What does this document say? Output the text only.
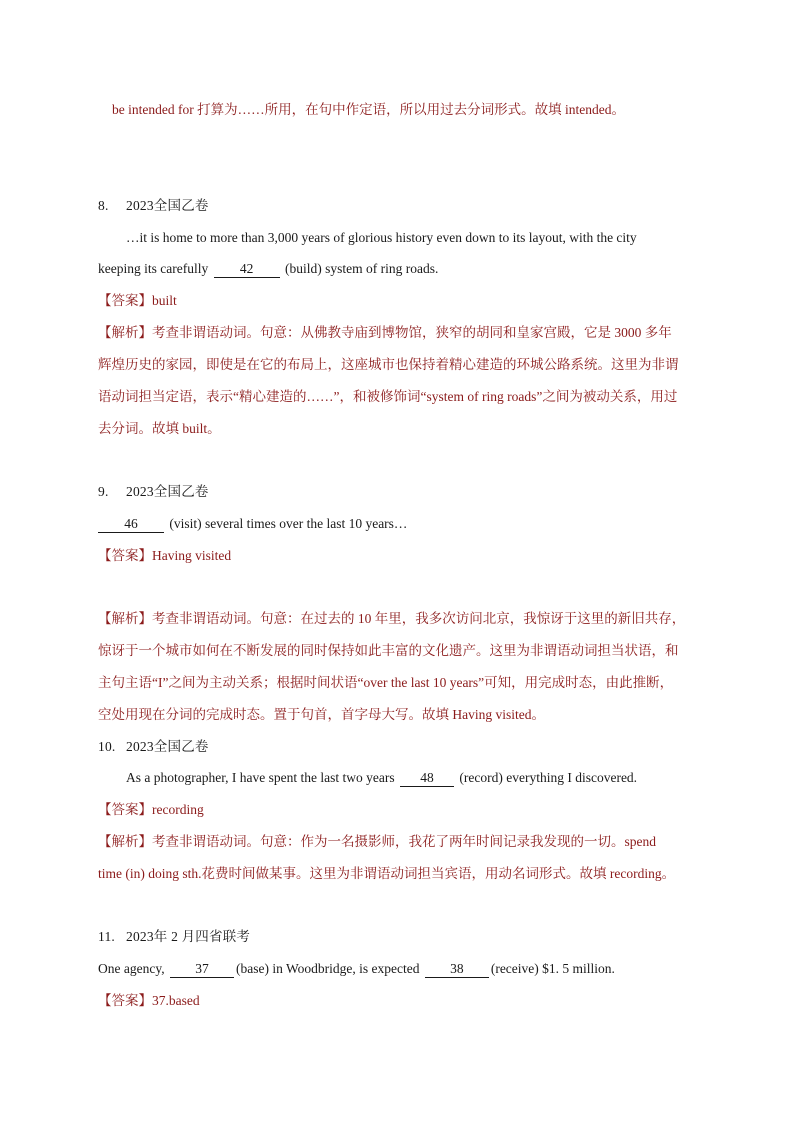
be intended for 打算为……所用，在句中作定语，所以用过去分词形式。故填 intended。
8. 2023全国乙卷
…it is home to more than 3,000 years of glorious history even down to its layout, with the city
keeping its carefully 42 (build) system of ring roads.
【答案】built
【解析】考查非谓语动词。句意：从佛教寺庙到博物馆，狭窄的胡同和皇家宫殿，它是 3000 多年
辉煌历史的家园，即使是在它的布局上，这座城市也保持着精心建造的环城公路系统。这里为非谓
语动词担当定语，表示“精心建造的……”，和被修饰词“system of ring roads”之间为被动关系，用过
去分词。故填 built。
9. 2023全国乙卷
46 (visit) several times over the last 10 years…
【答案】Having visited
【解析】考查非谓语动词。句意：在过去的 10 年里，我多次访问北京，我惊讶于这里的新旧共存，
惊讶于一个城市如何在不断发展的同时保持如此丰富的文化遗产。这里为非谓语动词担当状语，和
主句主语“I”之间为主动关系；根据时间状语“over the last 10 years”可知，用完成时态，由此推断，
空处用现在分词的完成时态。置于句首，首字母大写。故填 Having visited。
10. 2023全国乙卷
As a photographer, I have spent the last two years 48 (record) everything I discovered.
【答案】recording
【解析】考查非谓语动词。句意：作为一名摄影师，我花了两年时间记录我发现的一切。spend
time (in) doing sth.花费时间做某事。这里为非谓语动词担当宾语，用动名词形式。故填 recording。
11. 2023年 2 月四省联考
One agency, 37 (base) in Woodbridge, is expected 38 (receive) $1. 5 million.
【答案】37.based
